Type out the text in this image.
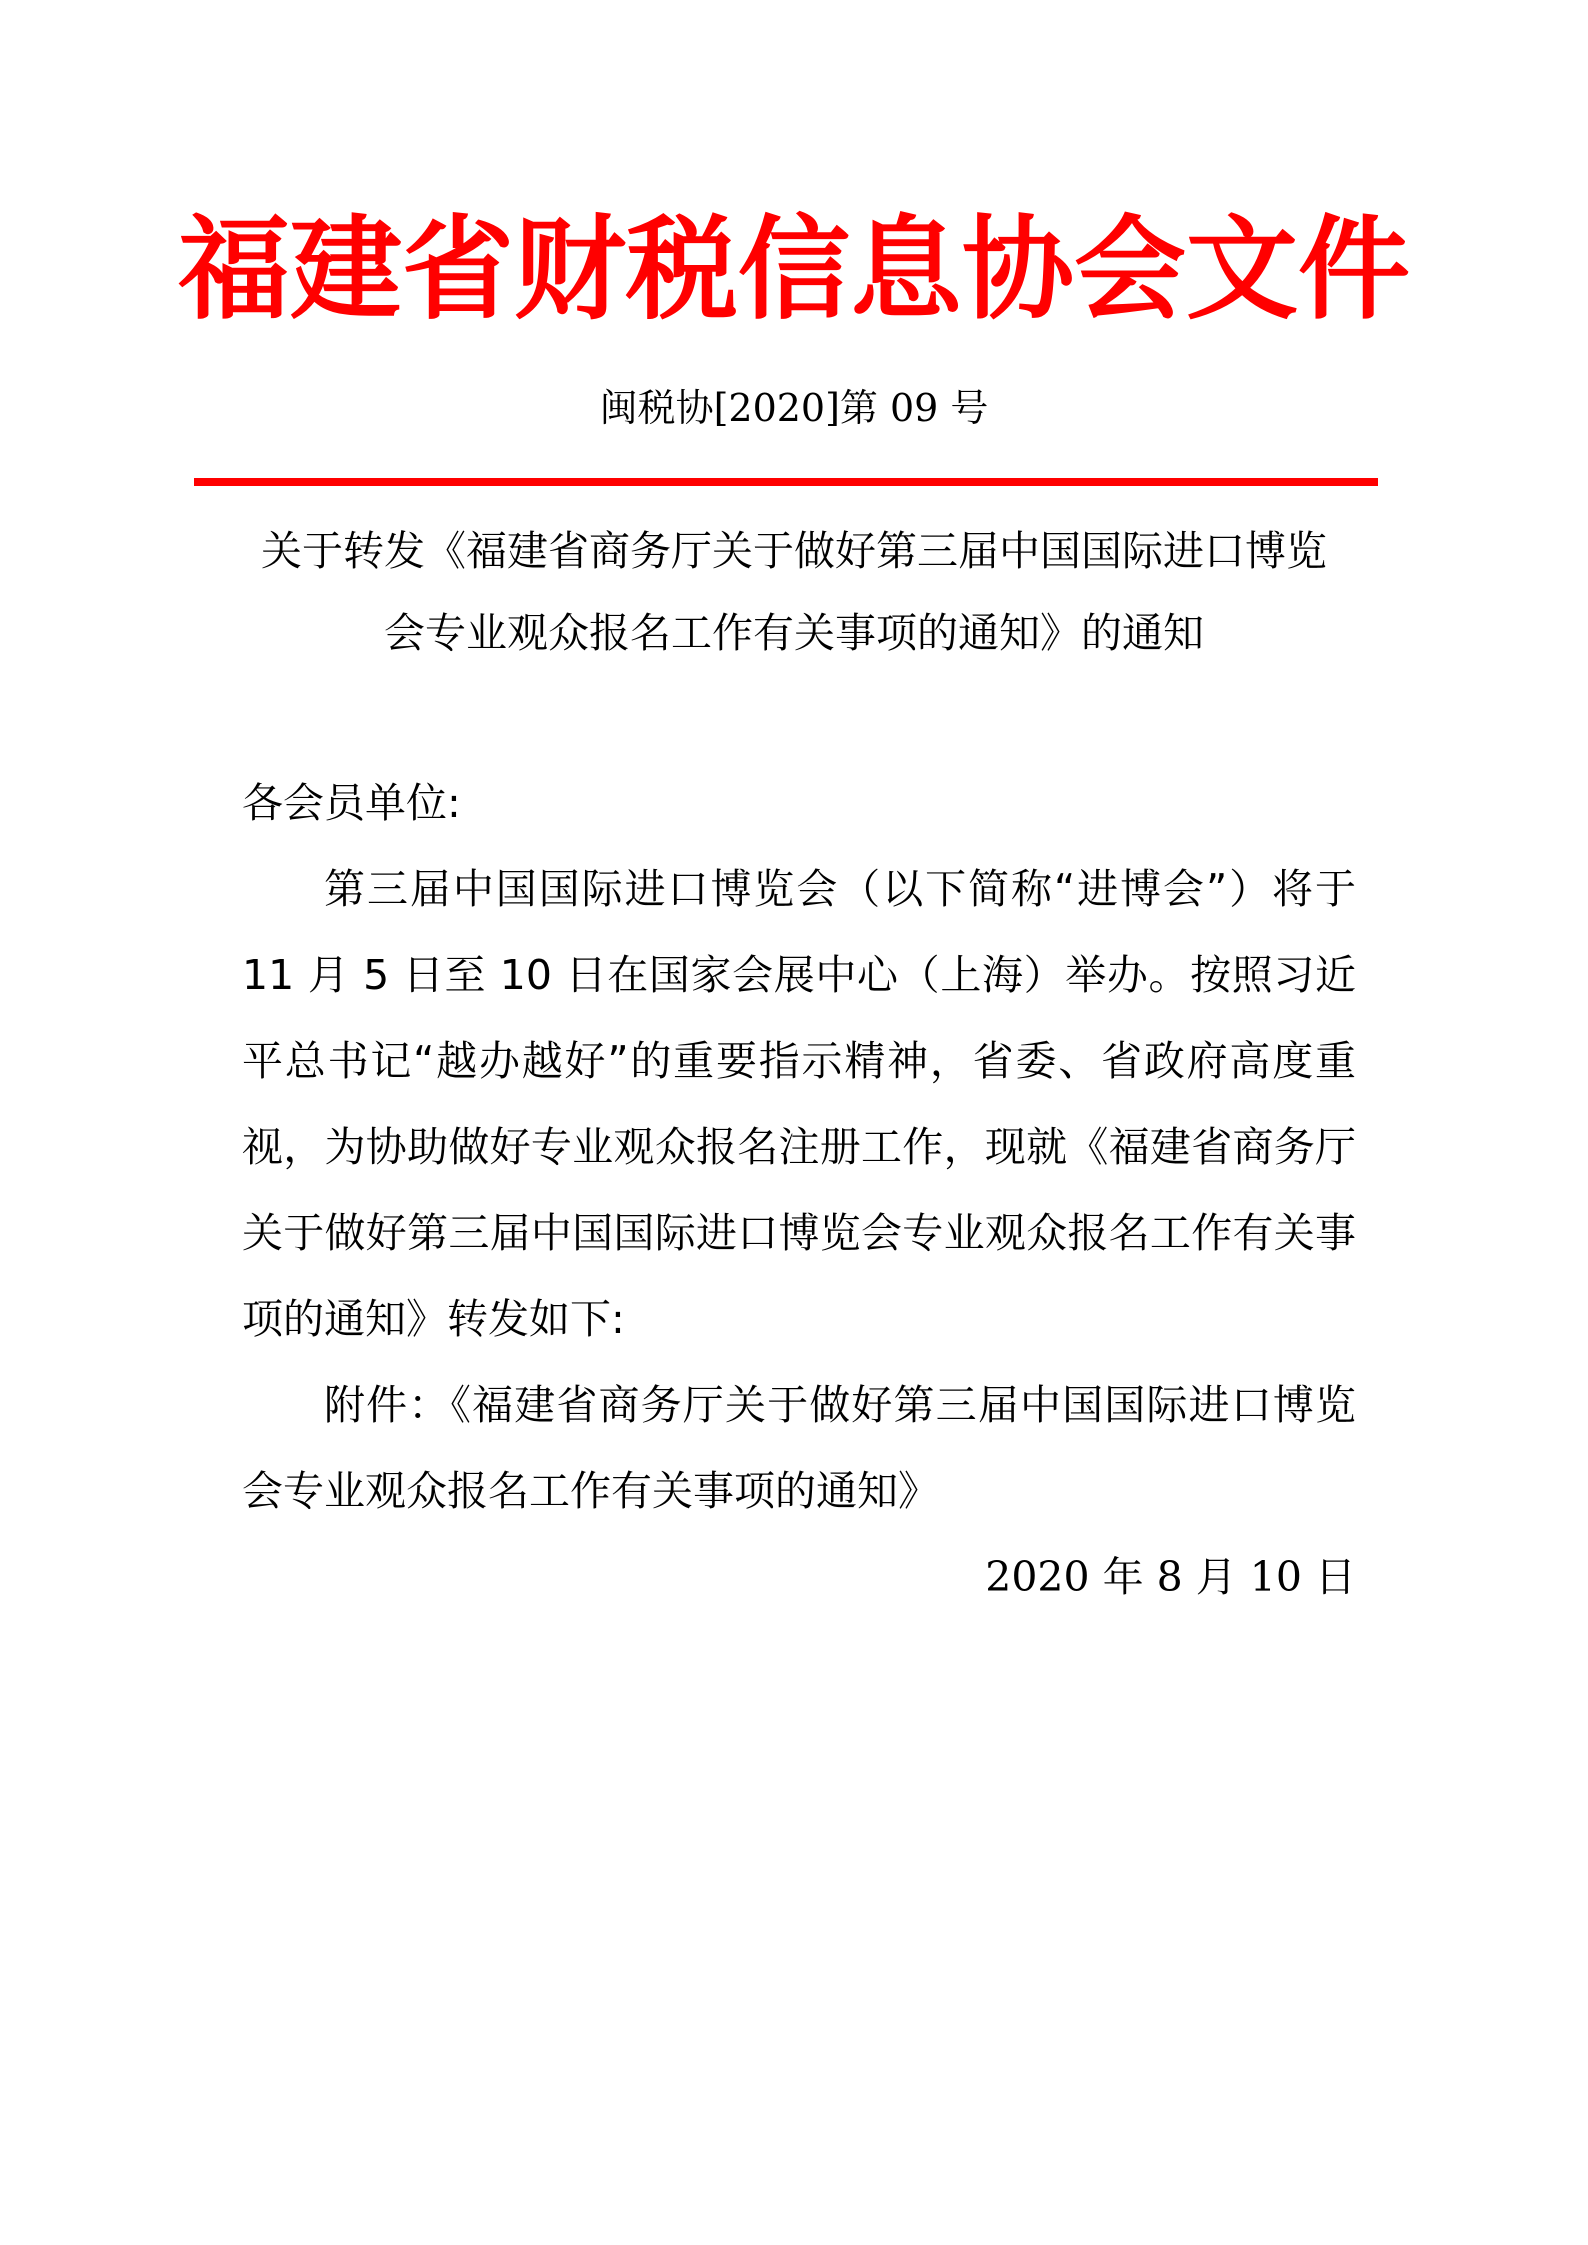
福建省财税信息协会文件
闽税协[2020]第 09 号
关于转发《福建省商务厅关于做好第三届中国国际进口博览
会专业观众报名工作有关事项的通知》的通知
各会员单位:
第三届中国国际进口博览会（以下简称“进博会”）将于 11 月 5 日至 10 日在国家会展中心（上海）举办。按照习近平总书记“越办越好”的重要指示精神，省委、省政府高度重视，为协助做好专业观众报名注册工作，现就《福建省商务厅关于做好第三届中国国际进口博览会专业观众报名工作有关事项的通知》转发如下:
附件：《福建省商务厅关于做好第三届中国国际进口博览会专业观众报名工作有关事项的通知》
2020 年 8 月 10 日
